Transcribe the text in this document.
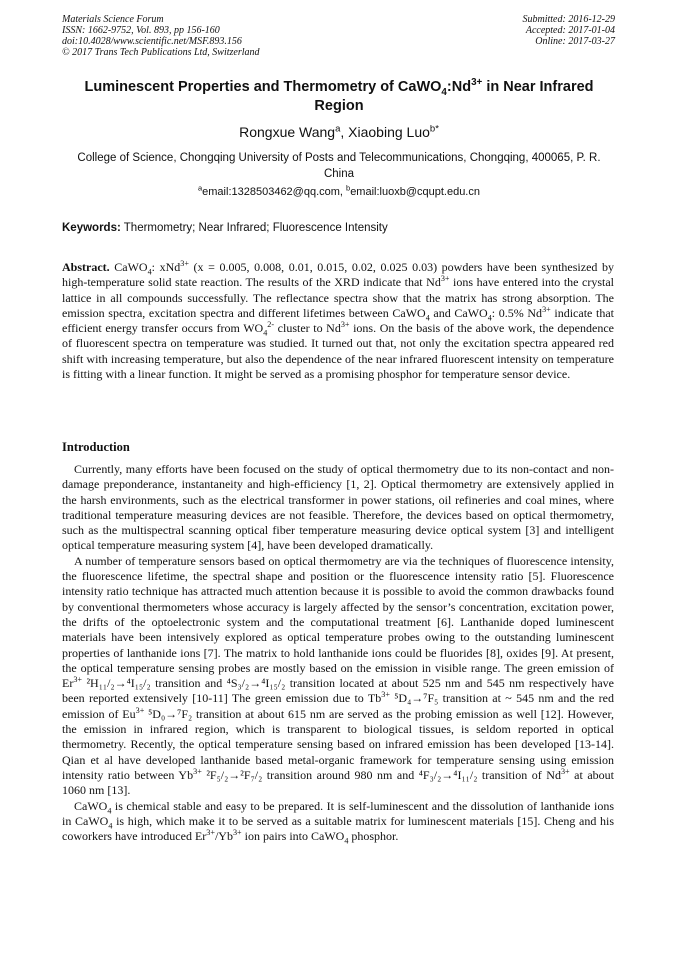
Materials Science Forum
ISSN: 1662-9752, Vol. 893, pp 156-160
doi:10.4028/www.scientific.net/MSF.893.156
© 2017 Trans Tech Publications Ltd, Switzerland
Submitted: 2016-12-29
Accepted: 2017-01-04
Online: 2017-03-27
Luminescent Properties and Thermometry of $CaWO_4:Nd^{3+}$ in Near Infrared Region
Rongxue Wang$^a$, Xiaobing Luo$^{b*}$
College of Science, Chongqing University of Posts and Telecommunications, Chongqing, 400065, P. R. China
$^a$email:1328503462@qq.com, $^b$email:luoxb@cqupt.edu.cn
Keywords: Thermometry; Near Infrared; Fluorescence Intensity

Abstract. CaWO$_4$: xNd$^{3+}$ (x = 0.005, 0.008, 0.01, 0.015, 0.02, 0.025 0.03) powders have been synthesized by high-temperature solid state reaction. The results of the XRD indicate that $Nd^{3+}$ ions have entered into the crystal lattice in all compounds successfully. The reflectance spectra show that the matrix has strong absorption. The emission spectra, excitation spectra and different lifetimes between CaWO$_4$ and CaWO$_4$: 0.5% $Nd^{3+}$ indicate that efficient energy transfer occurs from $WO_4^{2-}$ cluster to $Nd^{3+}$ ions. On the basis of the above work, the dependence of fluorescent spectra on temperature was studied. It turned out that, not only the excitation spectra appeared red shift with increasing temperature, but also the dependence of the near infrared fluorescent intensity on temperature is fitting with a linear function. It might be served as a promising phosphor for temperature sensor device.

Introduction

Currently, many efforts have been focused on the study of optical thermometry due to its non-contact and non-damage preponderance, instantaneity and high-efficiency [1, 2]. Optical thermometry are extensively applied in the harsh environments, such as the electrical transformer in power stations, oil refineries and coal mines, where traditional temperature measuring devices are not feasible. Therefore, the devices based on optical thermometry, such as the multispectral scanning optical fiber temperature measuring device optical system [3] and intelligent optical temperature measuring system [4], have been developed dramatically.

A number of temperature sensors based on optical thermometry are via the techniques of fluorescence intensity, the fluorescence lifetime, the spectral shape and position or the fluorescence intensity ratio [5]. Fluorescence intensity ratio technique has attracted much attention because it is possible to avoid the common drawbacks found by conventional thermometers whose accuracy is largely affected by the sensor’s concentration, excitation power, the drifts of the optoelectronic system and the computational treatment [6]. Lanthanide doped luminescent materials have been intensively explored as optical temperature probes owing to the outstanding luminescent properties of lanthanide ions [7]. The matrix to hold lanthanide ions could be fluorides [8], oxides [9]. At present, the optical temperature sensing probes are mostly based on the emission in visible range. The green emission of $Er^{3+}$ ²H₁₁/₂→⁴I₁₅/₂ transition and ⁴S₃/₂→⁴I₁₅/₂ transition located at about 525 nm and 545 nm respectively have been reported extensively [10-11] The green emission due to $Tb^{3+}$ ⁵D₄→⁷F₅ transition at ~ 545 nm and the red emission of $Eu^{3+}$ ⁵D₀→⁷F₂ transition at about 615 nm are served as the probing emission as well [12]. However, the emission in infrared region, which is transparent to biological tissues, is seldom reported in optical thermometry. Recently, the optical temperature sensing based on infrared emission has been developed [13-14]. Qian et al have developed lanthanide based metal-organic framework for temperature sensing using emission intensity ratio between $Yb^{3+}$ ²F₅/₂→²F₇/₂ transition around 980 nm and ⁴F₃/₂→⁴I₁₁/₂ transition of $Nd^{3+}$ at about 1060 nm [13].

CaWO$_4$ is chemical stable and easy to be prepared. It is self-luminescent and the dissolution of lanthanide ions in CaWO$_4$ is high, which make it to be served as a suitable matrix for luminescent materials [15]. Cheng and his coworkers have introduced $Er^{3+}/Yb^{3+}$ ion pairs into CaWO$_4$ phosphor.
